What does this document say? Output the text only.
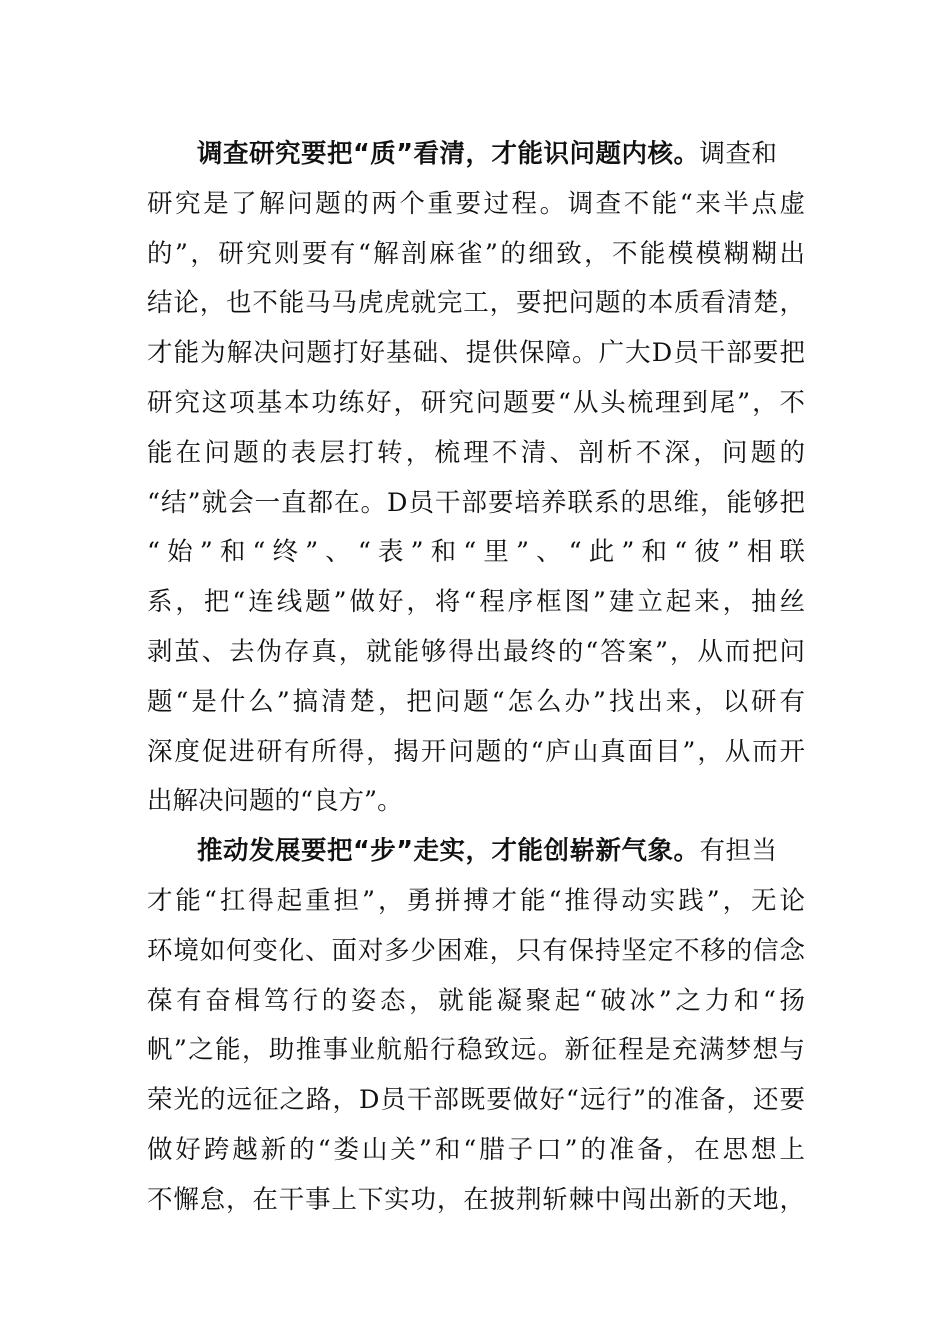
调查研究要把“质”看清，才能识问题内核。调查和
研究是了解问题的两个重要过程。调查不能“来半点虚
的”，研究则要有“解剖麻雀”的细致，不能模模糊糊出
结论，也不能马马虎虎就完工，要把问题的本质看清楚，
才能为解决问题打好基础、提供保障。广大D员干部要把
研究这项基本功练好，研究问题要“从头梳理到尾”，不
能在问题的表层打转，梳理不清、剖析不深，问题的
“结”就会一直都在。D员干部要培养联系的思维，能够把
“始”和“终”、“表”和“里”、“此”和“彼”相联
系，把“连线题”做好，将“程序框图”建立起来，抽丝
剥茧、去伪存真，就能够得出最终的“答案”，从而把问
题“是什么”搞清楚，把问题“怎么办”找出来，以研有
深度促进研有所得，揭开问题的“庐山真面目”，从而开
出解决问题的“良方”。
推动发展要把“步”走实，才能创崭新气象。有担当
才能“扛得起重担”，勇拼搏才能“推得动实践”，无论
环境如何变化、面对多少困难，只有保持坚定不移的信念
葆有奋楫笃行的姿态，就能凝聚起“破冰”之力和“扬
帆”之能，助推事业航船行稳致远。新征程是充满梦想与
荣光的远征之路，D员干部既要做好“远行”的准备，还要
做好跨越新的“娄山关”和“腊子口”的准备，在思想上
不懈怠，在干事上下实功，在披荆斩棘中闯出新的天地，
